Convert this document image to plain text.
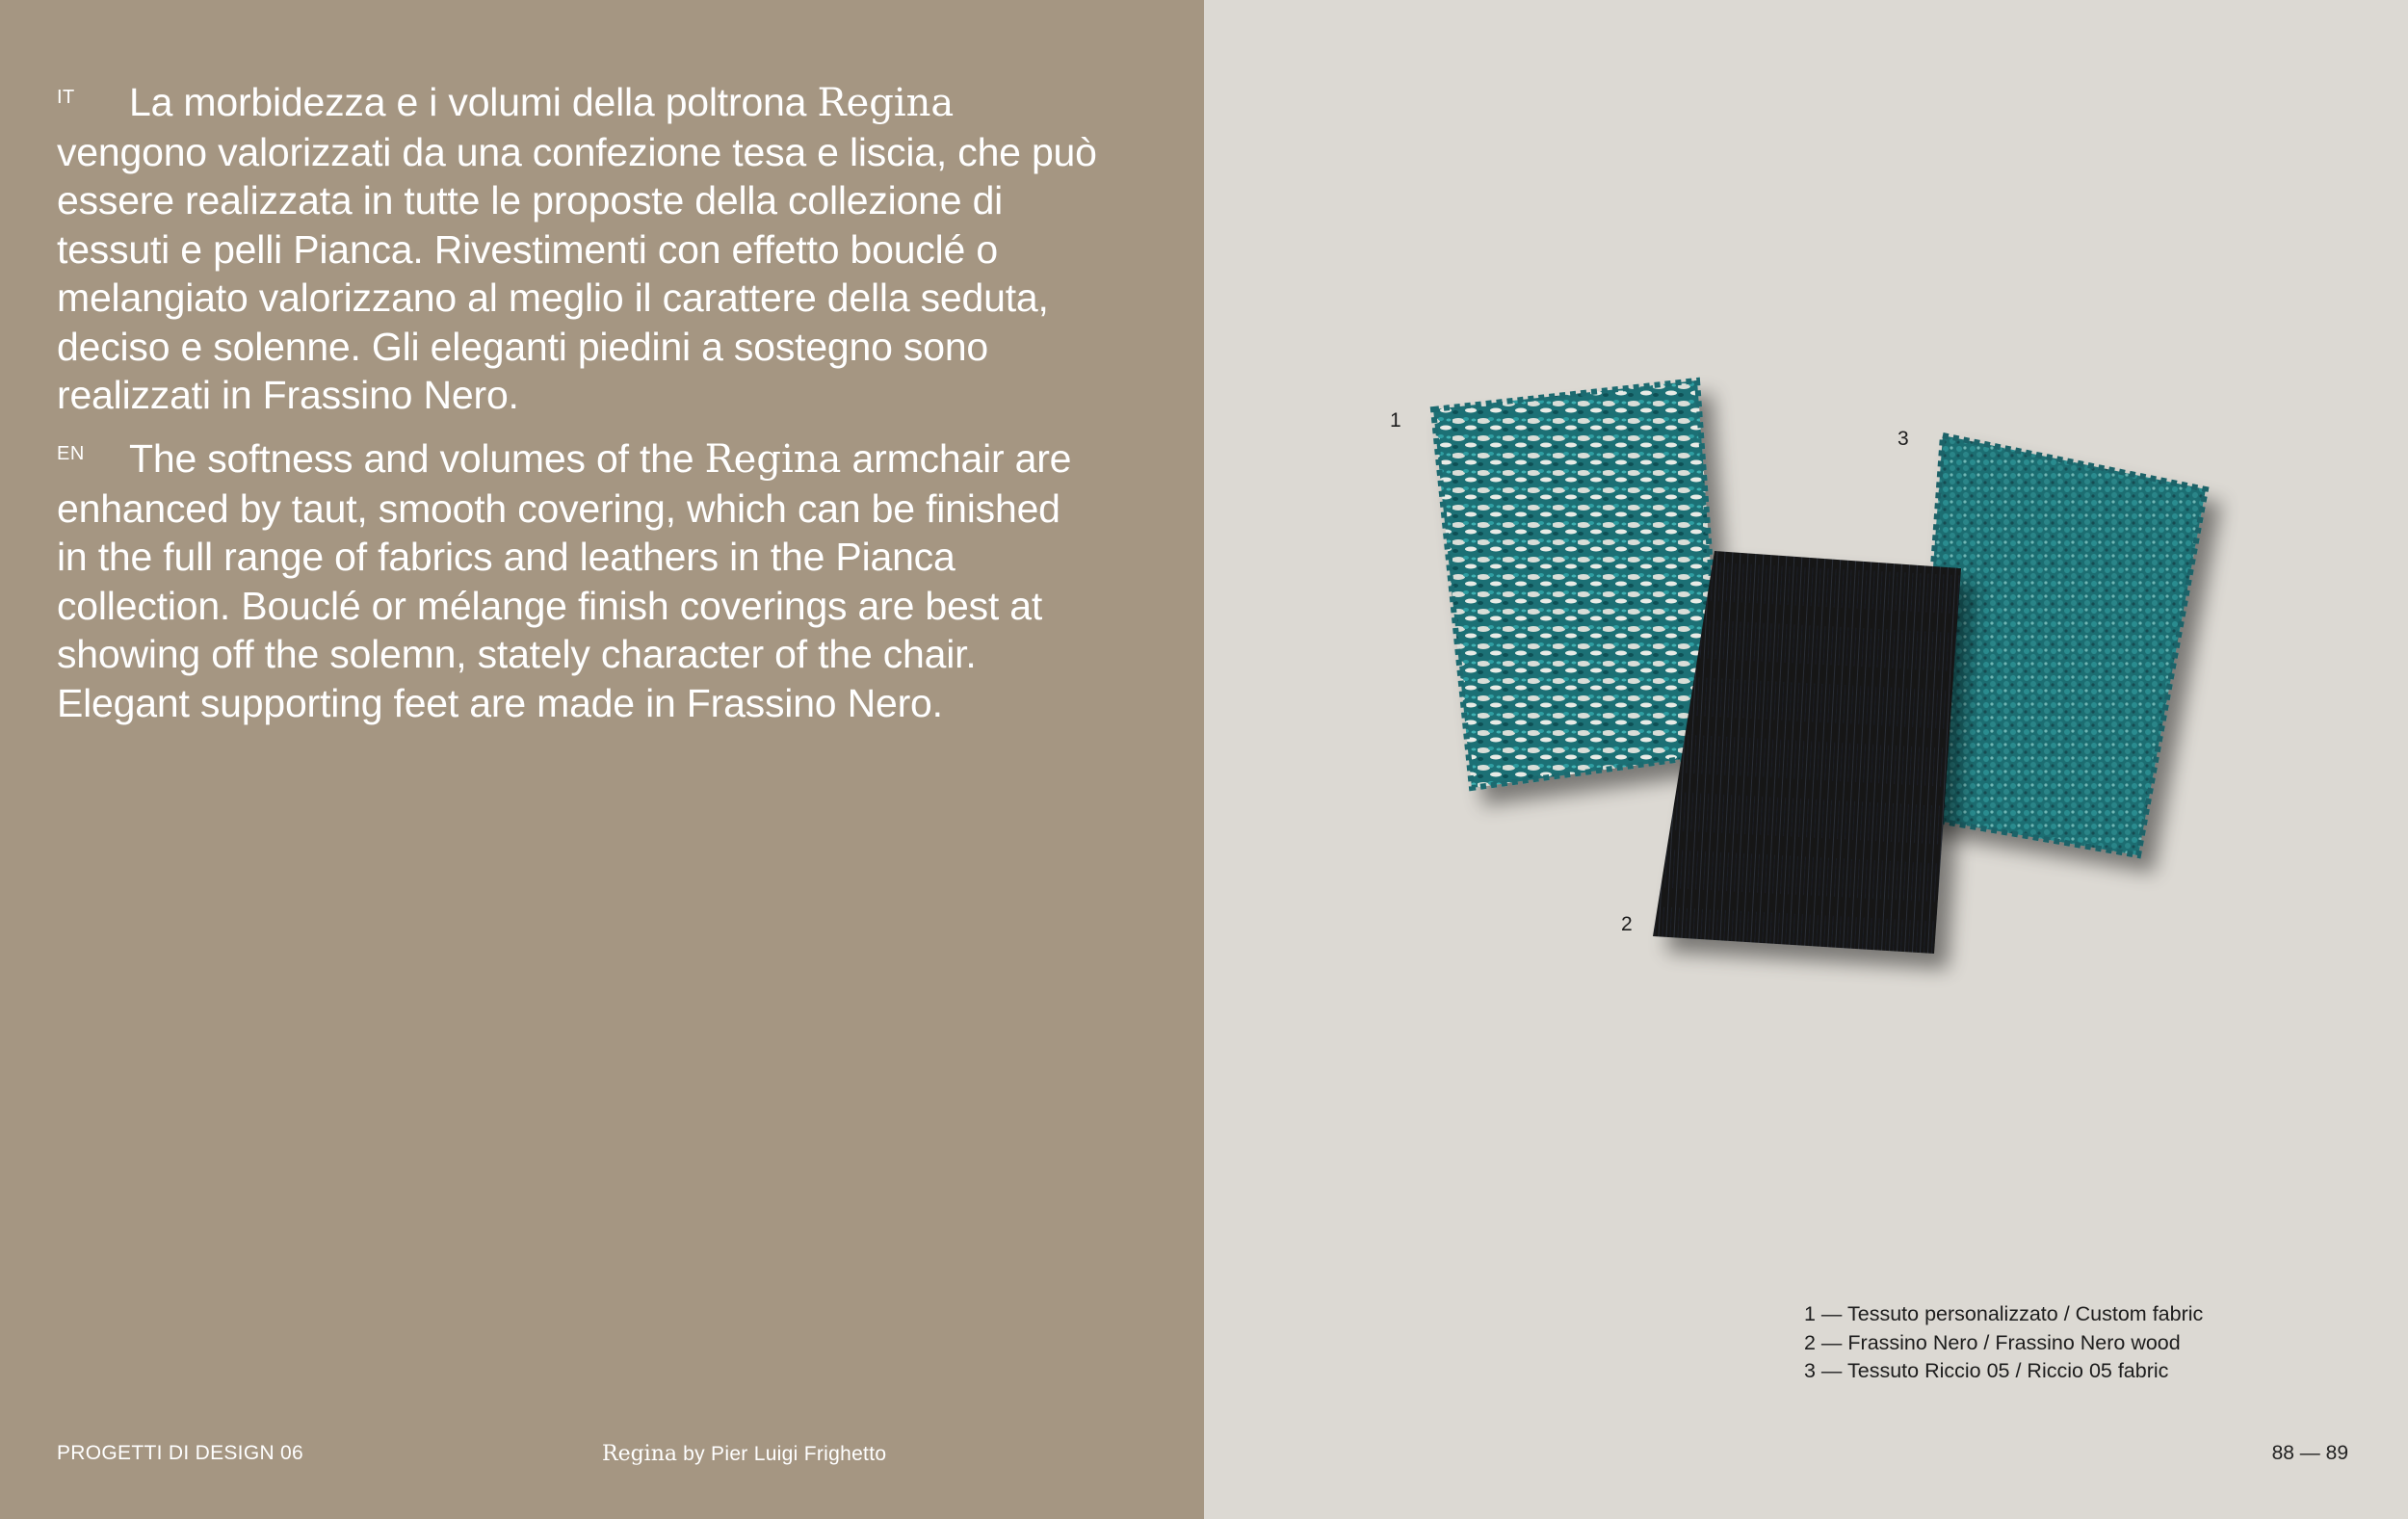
IT La morbidezza e i volumi della poltrona Regina vengono valorizzati da una confezione tesa e liscia, che può essere realizzata in tutte le proposte della collezione di tessuti e pelli Pianca. Rivestimenti con effetto bouclé o melangiato valorizzano al meglio il carattere della seduta, deciso e solenne. Gli eleganti piedini a sostegno sono realizzati in Frassino Nero.
EN The softness and volumes of the Regina armchair are enhanced by taut, smooth covering, which can be finished in the full range of fabrics and leathers in the Pianca collection. Bouclé or mélange finish coverings are best at showing off the solemn, stately character of the chair. Elegant supporting feet are made in Frassino Nero.
PROGETTI DI DESIGN 06	Regina by Pier Luigi Frighetto
1
2
3
1 — Tessuto personalizzato / Custom fabric
2 — Frassino Nero / Frassino Nero wood
3 — Tessuto Riccio 05 / Riccio 05 fabric
88 — 89
